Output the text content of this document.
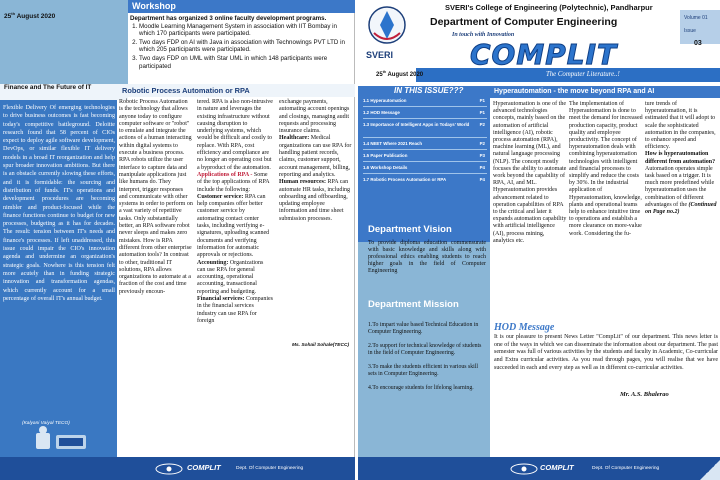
25th August 2020
Workshop
Department has organized 3 online faculty development programs.
1. Moodle Learning Management System in association with IIT Bombay in which 170 participants were participated.
2. Two days FDP on AI with Java in association with Technowings PVT LTD in which 205 participants were participated.
3. Two days FDP on UML with Star UML in which 148 participants were participated
Finance and The Future of IT
Flexible Delivery Of emerging technologies to drive business outcomes is fast becoming today's competitive battleground. Deloitte research found that 58 percent of CIOs expect to deploy agile software development, DevOps, or similar flexible IT delivery models in a broad IT reorganization and help spur broader innovation ambitions. But there is an obstacle currently slowing these efforts, and it is formidable: the sourcing and distribution of funds. IT's operations and development procedures are becoming nimbler and product-focused while the finance functions continue to budget for new processes, budgeting as it has for decades. The result: tension between IT's needs and finance's processes. If left unaddressed, this issue could impair the CIO's innovation agenda and undermine an organization's strategic goals. Nowhere is this tension felt more acutely than in funding strategic innovation and transformation agendas, which currently account for a small percentage of overall IT's annual budget.
(Kalyani Vaiyal TECO)
Robotic Process Automation or RPA
Robotic Process Automation is the technology that allows anyone today to configure computer software or "robot" to emulate and integrate the actions of a human interacting within digital systems to execute a business process. RPA robots utilize the user interface to capture data and manipulate applications just like humans do. They interpret, trigger responses and communicate with other systems in order to perform on a vast variety of repetitive tasks. Only substantially better, an RPA software robot never sleeps and makes zero mistakes. How is RPA different from other enterprise automation tools? In contrast to other, traditional IT solutions, RPA allows organizations to automate at a fraction of the cost and time previously encoun-
tered. RPA is also non-intrusive in nature and leverages the existing infrastructure without causing disruption to underlying systems, which would be difficult and costly to replace. With RPA, cost efficiency and compliance are no longer an operating cost but a byproduct of the automation.
Applications of RPA - Some of the top applications of RPA include the following:
Customer service: RPA can help companies offer better customer service by automating contact center tasks, including verifying e-signatures, uploading scanned documents and verifying information for automatic approvals or rejections.
Accounting: Organizations can use RPA for general accounting, operational accounting, transactional reporting and budgeting.
Financial services: Companies in the financial services industry can use RPA for foreign
exchange payments, automating account openings and closings, managing audit requests and processing insurance claims.
Healthcare: Medical organizations can use RPA for handling patient records, claims, customer support, account management, billing, reporting and analytics.
Human resources: RPA can automate HR tasks, including onboarding and offboarding, updating employee information and time sheet submission processes.
Ms. Sohail Sohale(TECC)
COMPLIT	Dept. Of Computer Engineering
SVERI
SVERI's College of Engineering (Polytechnic), Pandharpur
Department of Computer Engineering
In touch with Innovation
COMPLIT
The Computer Literature..!
25th August 2020
Volume 01
Issue
03
IN THIS ISSUE???
1.1 Hyperautomation	P1
1.2 HOD Message	P1
1.3 Importance of Intelligent Apps in Todays' World P2
1.4 NEET Where 2021 Reach	P2
1.5 Paper Publication	P3
1.6 Workshop Details	P4
1.7 Robotic Process Automation or RPA	P4
Department Vision
To provide diploma education commensurate with basic knowledge and skills along with professional ethics enabling students to reach higher goals in the field of Computer Engineering
Department Mission

1.To impart value based Technical Education in Computer Engineering.

2.To support for technical knowledge of students in the field of Computer Engineering.

3.To make the students efficient in various skill sets in Computer Engineering.

4.To encourage students for lifelong learning.

Hyperautomation - the move beyond RPA and AI
Hyperautomation is one of the advanced technologies concepts, mainly based on the automation of artificial intelligence (AI), robotic process automation (RPA), machine learning (ML), and natural language processing (NLP). The concept mostly focuses the ability to automate work beyond the capability of RPA, AI, and ML. Hyperautomation provides advancement related to operation capabilities of RPA to the critical and later it expands automation capability with artificial intelligence (AI), process mining, analytics etc.
The implementation of Hyperautomation is done to meet the demand for increased production capacity, product quality and employee productivity. The concept of hyperautomation deals with combining hyperautomation technologies with intelligent and financial processes to simplify and reduce the costs by 30%. In the industrial application of Hyperautomation, knowledge, plants and operational teams help to enhance intuitive time to operations and establish a more clearance on more-value work. Considering the fu-
ture trends of hyperautomation, it is estimated that it will adopt to scale the sophisticated automation in the companies, to enhance speed and efficiency.
How is hyperautomation different from automation? Automation operates simple task based on a trigger. It is much more predefined while hyperautomation uses the combination of different advantages of the (Continued on Page no.2)
HOD Message
It is our pleasure to present News Letter "CompLit" of our department. This news letter is one of the ways in which we can disseminate the information about our department. The past semester was full of various activities by the students and faculty in Academic, Co-curricular and Extra curricular activities. As you read through pages, you will realise that we have succeeded in each and every step as well as in different co-curricular activities.
Mr. A.S. Bhalerao
COMPLIT	Dept. Of Computer Engineering
